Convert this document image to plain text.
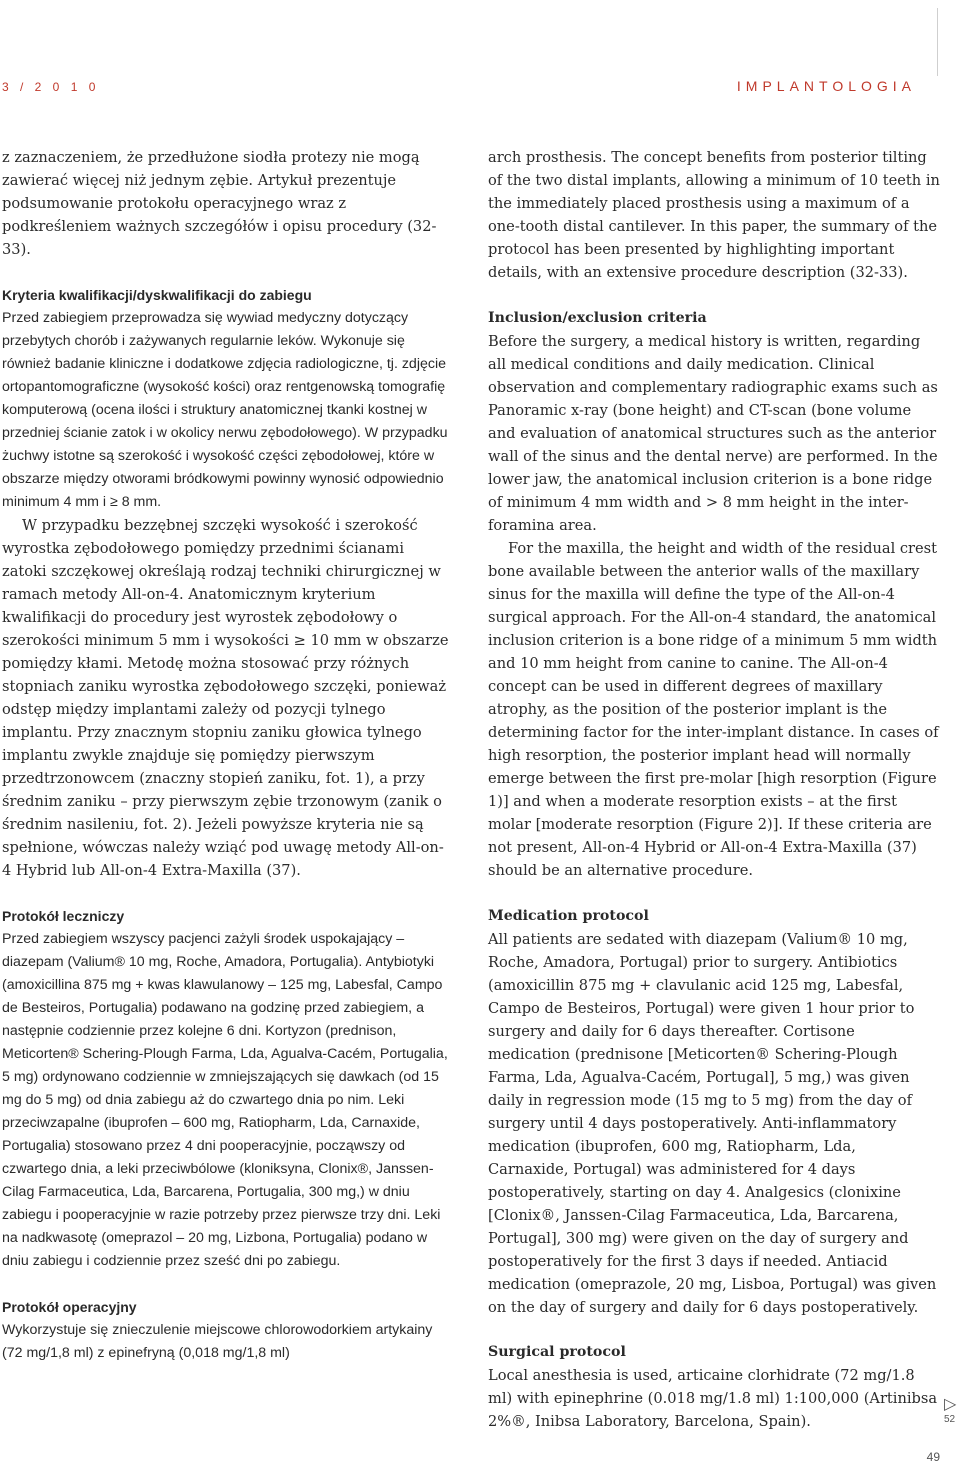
3 / 2 0 1 0	IMPLANTOLOGIA

z zaznaczeniem, że przedłużone siodła protezy nie mogą zawierać więcej niż jednym zębie. Artykuł prezentuje podsumowanie protokołu operacyjnego wraz z podkreśleniem ważnych szczegółów i opisu procedury (32-33).

Kryteria kwalifikacji/dyskwalifikacji do zabiegu

Przed zabiegiem przeprowadza się wywiad medyczny dotyczący przebytych chorób i zażywanych regularnie leków. Wykonuje się również badanie kliniczne i dodatkowe zdjęcia radiologiczne, tj. zdjęcie ortopantomograficzne (wysokość kości) oraz rentgenowską tomografię komputerową (ocena ilości i struktury anatomicznej tkanki kostnej w przedniej ścianie zatok i w okolicy nerwu zębodołowego). W przypadku żuchwy istotne są szerokość i wysokość części zębodołowej, które w obszarze między otworami bródkowymi powinny wynosić odpowiednio minimum 4 mm i ≥ 8 mm.

W przypadku bezzębnej szczęki wysokość i szerokość wyrostka zębodołowego pomiędzy przednimi ścianami zatoki szczękowej określają rodzaj techniki chirurgicznej w ramach metody All-on-4. Anatomicznym kryterium kwalifikacji do procedury jest wyrostek zębodołowy o szerokości minimum 5 mm i wysokości ≥ 10 mm w obszarze pomiędzy kłami. Metodę można stosować przy różnych stopniach zaniku wyrostka zębodołowego szczęki, ponieważ odstęp między implantami zależy od pozycji tylnego implantu. Przy znacznym stopniu zaniku głowica tylnego implantu zwykle znajduje się pomiędzy pierwszym przedtrzonowcem (znaczny stopień zaniku, fot. 1), a przy średnim zaniku – przy pierwszym zębie trzonowym (zanik o średnim nasileniu, fot. 2). Jeżeli powyższe kryteria nie są spełnione, wówczas należy wziąć pod uwagę metody All-on-4 Hybrid lub All-on-4 Extra-Maxilla (37).

Protokół leczniczy

Przed zabiegiem wszyscy pacjenci zażyli środek uspokajający – diazepam (Valium® 10 mg, Roche, Amadora, Portugalia). Antybiotyki (amoxicillina 875 mg + kwas klawulanowy – 125 mg, Labesfal, Campo de Besteiros, Portugalia) podawano na godzinę przed zabiegiem, a następnie codziennie przez kolejne 6 dni. Kortyzon (prednison, Meticorten® Schering-Plough Farma, Lda, Agualva-Cacém, Portugalia, 5 mg) ordynowano codziennie w zmniejszających się dawkach (od 15 mg do 5 mg) od dnia zabiegu aż do czwartego dnia po nim. Leki przeciwzapalne (ibuprofen – 600 mg, Ratiopharm, Lda, Carnaxide, Portugalia) stosowano przez 4 dni pooperacyjnie, począwszy od czwartego dnia, a leki przeciwbólowe (kloniksyna, Clonix®, Janssen-Cilag Farmaceutica, Lda, Barcarena, Portugalia, 300 mg,) w dniu zabiegu i pooperacyjnie w razie potrzeby przez pierwsze trzy dni. Leki na nadkwasotę (omeprazol – 20 mg, Lizbona, Portugalia) podano w dniu zabiegu i codziennie przez sześć dni po zabiegu.

Protokół operacyjny

Wykorzystuje się znieczulenie miejscowe chlorowodorkiem artykainy (72 mg/1,8 ml) z epinefryną (0,018 mg/1,8 ml)

arch prosthesis. The concept benefits from posterior tilting of the two distal implants, allowing a minimum of 10 teeth in the immediately placed prosthesis using a maximum of a one-tooth distal cantilever. In this paper, the summary of the protocol has been presented by highlighting important details, with an extensive procedure description (32-33).

Inclusion/exclusion criteria

Before the surgery, a medical history is written, regarding all medical conditions and daily medication. Clinical observation and complementary radiographic exams such as Panoramic x-ray (bone height) and CT-scan (bone volume and evaluation of anatomical structures such as the anterior wall of the sinus and the dental nerve) are performed. In the lower jaw, the anatomical inclusion criterion is a bone ridge of minimum 4 mm width and > 8 mm height in the inter-foramina area.

For the maxilla, the height and width of the residual crest bone available between the anterior walls of the maxillary sinus for the maxilla will define the type of the All-on-4 surgical approach. For the All-on-4 standard, the anatomical inclusion criterion is a bone ridge of a minimum 5 mm width and 10 mm height from canine to canine. The All-on-4 concept can be used in different degrees of maxillary atrophy, as the position of the posterior implant is the determining factor for the inter-implant distance. In cases of high resorption, the posterior implant head will normally emerge between the first pre-molar [high resorption (Figure 1)] and when a moderate resorption exists – at the first molar [moderate resorption (Figure 2)]. If these criteria are not present, All-on-4 Hybrid or All-on-4 Extra-Maxilla (37) should be an alternative procedure.

Medication protocol

All patients are sedated with diazepam (Valium® 10 mg, Roche, Amadora, Portugal) prior to surgery. Antibiotics (amoxicillin 875 mg + clavulanic acid 125 mg, Labesfal, Campo de Besteiros, Portugal) were given 1 hour prior to surgery and daily for 6 days thereafter. Cortisone medication (prednisone [Meticorten® Schering-Plough Farma, Lda, Agualva-Cacém, Portugal], 5 mg,) was given daily in regression mode (15 mg to 5 mg) from the day of surgery until 4 days postoperatively. Anti-inflammatory medication (ibuprofen, 600 mg, Ratiopharm, Lda, Carnaxide, Portugal) was administered for 4 days postoperatively, starting on day 4. Analgesics (clonixine [Clonix®, Janssen-Cilag Farmaceutica, Lda, Barcarena, Portugal], 300 mg) were given on the day of surgery and postoperatively for the first 3 days if needed. Antiacid medication (omeprazole, 20 mg, Lisboa, Portugal) was given on the day of surgery and daily for 6 days postoperatively.

Surgical protocol

Local anesthesia is used, articaine clorhidrate (72 mg/1.8 ml) with epinephrine (0.018 mg/1.8 ml) 1:100,000 (Artinibsa 2%®, Inibsa Laboratory, Barcelona, Spain).

▷
52
49
